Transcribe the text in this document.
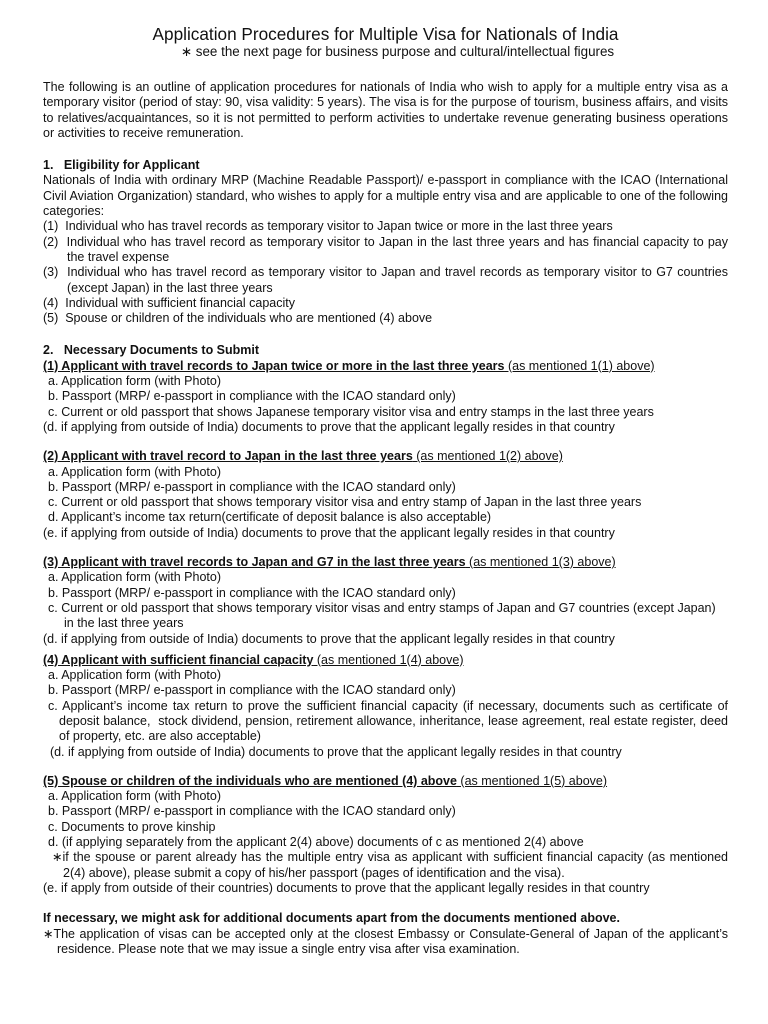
Application Procedures for Multiple Visa for Nationals of India

∗ see the next page for business purpose and cultural/intellectual figures

The following is an outline of application procedures for nationals of India who wish to apply for a multiple entry visa as a temporary visitor (period of stay: 90, visa validity: 5 years). The visa is for the purpose of tourism, business affairs, and visits to relatives/acquaintances, so it is not permitted to perform activities to undertake revenue generating business operations or activities to receive remuneration.

1.   Eligibility for Applicant

Nationals of India with ordinary MRP (Machine Readable Passport)/ e-passport in compliance with the ICAO (International Civil Aviation Organization) standard, who wishes to apply for a multiple entry visa and are applicable to one of the following categories:

(1)  Individual who has travel records as temporary visitor to Japan twice or more in the last three years

(2)  Individual who has travel record as temporary visitor to Japan in the last three years and has financial capacity to pay the travel expense

(3)  Individual who has travel record as temporary visitor to Japan and travel records as temporary visitor to G7 countries (except Japan) in the last three years

(4)  Individual with sufficient financial capacity

(5)  Spouse or children of the individuals who are mentioned (4) above

2.   Necessary Documents to Submit

(1) Applicant with travel records to Japan twice or more in the last three years (as mentioned 1(1) above)

a. Application form (with Photo)

b. Passport (MRP/ e-passport in compliance with the ICAO standard only)

c. Current or old passport that shows Japanese temporary visitor visa and entry stamps in the last three years

(d. if applying from outside of India) documents to prove that the applicant legally resides in that country

(2) Applicant with travel record to Japan in the last three years (as mentioned 1(2) above)

a. Application form (with Photo)

b. Passport (MRP/ e-passport in compliance with the ICAO standard only)

c. Current or old passport that shows temporary visitor visa and entry stamp of Japan in the last three years

d. Applicant’s income tax return(certificate of deposit balance is also acceptable)

(e. if applying from outside of India) documents to prove that the applicant legally resides in that country

(3) Applicant with travel records to Japan and G7 in the last three years (as mentioned 1(3) above)

a. Application form (with Photo)

b. Passport (MRP/ e-passport in compliance with the ICAO standard only)

c. Current or old passport that shows temporary visitor visas and entry stamps of Japan and G7 countries (except Japan) in the last three years

(d. if applying from outside of India) documents to prove that the applicant legally resides in that country

(4) Applicant with sufficient financial capacity (as mentioned 1(4) above)

a. Application form (with Photo)

b. Passport (MRP/ e-passport in compliance with the ICAO standard only)

c. Applicant’s income tax return to prove the sufficient financial capacity (if necessary, documents such as certificate of deposit balance,  stock dividend, pension, retirement allowance, inheritance, lease agreement, real estate register, deed of property, etc. are also acceptable)

(d. if applying from outside of India) documents to prove that the applicant legally resides in that country

(5) Spouse or children of the individuals who are mentioned (4) above (as mentioned 1(5) above)

a. Application form (with Photo)

b. Passport (MRP/ e-passport in compliance with the ICAO standard only)

c. Documents to prove kinship

d. (if applying separately from the applicant 2(4) above) documents of c as mentioned 2(4) above

∗if the spouse or parent already has the multiple entry visa as applicant with sufficient financial capacity (as mentioned 2(4) above), please submit a copy of his/her passport (pages of identification and the visa).

(e. if apply from outside of their countries) documents to prove that the applicant legally resides in that country

If necessary, we might ask for additional documents apart from the documents mentioned above.

∗The application of visas can be accepted only at the closest Embassy or Consulate-General of Japan of the applicant’s residence. Please note that we may issue a single entry visa after visa examination.
